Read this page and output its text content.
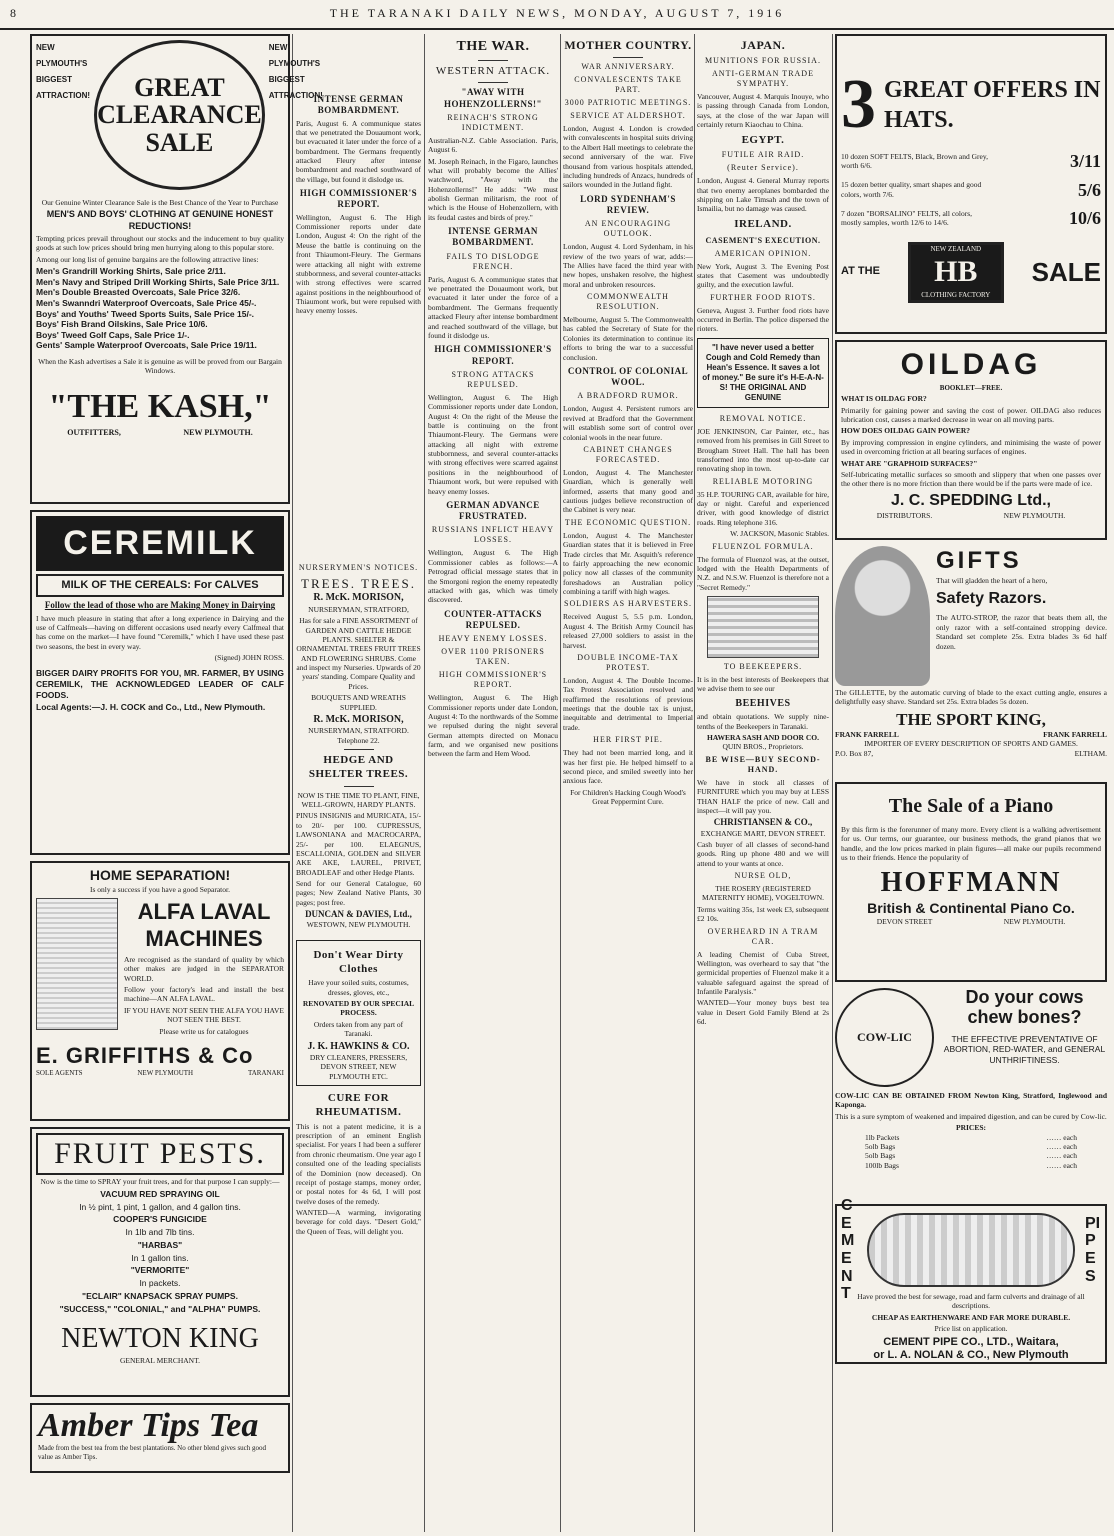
8	THE TARANAKI DAILY NEWS, MONDAY, AUGUST 7, 1916
NEW
PLYMOUTH'S
BIGGEST
ATTRACTION!	GREAT CLEARANCE SALE
NEW
PLYMOUTH'S
BIGGEST
ATTRACTION!

Our Genuine Winter Clearance Sale is the Best Chance of the Year to Purchase

MEN'S AND BOYS' CLOTHING AT GENUINE HONEST REDUCTIONS!

Tempting prices prevail throughout our stocks and the inducement to buy quality goods at such low prices should bring men hurrying along to this popular store.

Among our long list of genuine bargains are the following attractive lines:

Men's Grandrill Working Shirts, Sale price 2/11.
Men's Navy and Striped Drill Working Shirts, Sale Price 3/11.
Men's Double Breasted Overcoats, Sale Price 32/6.
Men's Swanndri Waterproof Overcoats, Sale Price 45/-.
Boys' and Youths' Tweed Sports Suits, Sale Price 15/-.
Boys' Fish Brand Oilskins, Sale Price 10/6.
Boys' Tweed Golf Caps, Sale Price 1/-.
Gents' Sample Waterproof Overcoats, Sale Price 19/11.

When the Kash advertises a Sale it is genuine as will be proved from our Bargain Windows.

"THE KASH,"
OUTFITTERS,	NEW PLYMOUTH.
CEREMILK
MILK OF THE CEREALS: For CALVES
Follow the lead of those who are Making Money in Dairying

I have much pleasure in stating that after a long experience in Dairying and the use of Calfmeals—having on different occasions used nearly every Calfmeal that has come on the market—I have found "Ceremilk," which I have used these past two seasons, the best in every way.

(Signed) JOHN ROSS.

BIGGER DAIRY PROFITS FOR YOU, MR. FARMER, BY USING CEREMILK, THE ACKNOWLEDGED LEADER OF CALF FOODS.

Local Agents:—J. H. COCK and Co., Ltd., New Plymouth.

HOME SEPARATION!
Is only a success if you have a good Separator.
ALFA LAVAL
MACHINES

Are recognised as the standard of quality by which other makes are judged in the SEPARATOR WORLD.

Follow your factory's lead and install the best machine—AN ALFA LAVAL.

IF YOU HAVE NOT SEEN THE ALFA YOU HAVE NOT SEEN THE BEST.

Please write us for catalogues

E. GRIFFITHS & Co
SOLE AGENTS	NEW PLYMOUTH	TARANAKI
FRUIT PESTS.

Now is the time to SPRAY your fruit trees, and for that purpose I can supply:—

VACUUM RED SPRAYING OIL
In ½ pint, 1 pint, 1 gallon, and 4 gallon tins.
COOPER'S FUNGICIDE
In 1lb and 7lb tins.
"HARBAS"
In 1 gallon tins.
"VERMORITE"
In packets.
"ECLAIR" KNAPSACK SPRAY PUMPS.
"SUCCESS," "COLONIAL," and "ALPHA" PUMPS.
NEWTON KING
GENERAL MERCHANT.
Amber Tips Tea
Made from the best tea from the best plantations. No other blend gives such good value as Amber Tips.
NURSERYMEN'S NOTICES.
TREES. TREES.
R. McK. MORISON,
NURSERYMAN, STRATFORD,

Has for sale a FINE ASSORTMENT of GARDEN AND CATTLE HEDGE PLANTS. SHELTER & ORNAMENTAL TREES FRUIT TREES AND FLOWERING SHRUBS. Come and inspect my Nurseries. Upwards of 20 years' standing. Compare Quality and Prices.

BOUQUETS AND WREATHS SUPPLIED.

R. McK. MORISON,
NURSERYMAN, STRATFORD.
Telephone 22.
HEDGE AND SHELTER TREES.

NOW IS THE TIME TO PLANT, FINE, WELL-GROWN, HARDY PLANTS.

PINUS INSIGNIS and MURICATA, 15/- to 20/- per 100. CUPRESSUS, LAWSONIANA and MACROCARPA, 25/- per 100. ELAEGNUS, ESCALLONIA, GOLDEN and SILVER AKE AKE, LAUREL, PRIVET, BROADLEAF and other Hedge Plants.

Send for our General Catalogue, 60 pages; New Zealand Native Plants, 30 pages; post free.

DUNCAN & DAVIES, Ltd.,
WESTOWN, NEW PLYMOUTH.
Don't Wear Dirty Clothes

Have your soiled suits, costumes, dresses, gloves, etc.,

RENOVATED BY OUR SPECIAL PROCESS.

Orders taken from any part of Taranaki.

J. K. HAWKINS & CO.
DRY CLEANERS, PRESSERS,
DEVON STREET, NEW PLYMOUTH ETC.
CURE FOR RHEUMATISM.

This is not a patent medicine, it is a prescription of an eminent English specialist. For years I had been a sufferer from chronic rheumatism. One year ago I consulted one of the leading specialists of the Dominion (now deceased). On receipt of postage stamps, money order, or postal notes for 4s 6d, I will post twelve doses of the remedy.

WANTED—A warming, invigorating beverage for cold days. "Desert Gold," the Queen of Teas, will delight you.

THE WAR.
WESTERN ATTACK.
"AWAY WITH HOHENZOLLERNS!"
REINACH'S STRONG INDICTMENT.

Australian-N.Z. Cable Association. Paris, August 6.

M. Joseph Reinach, in the Figaro, launches what will probably become the Allies' watchword, "Away with the Hohenzollerns!" He adds: "We must abolish German militarism, the root of which is the House of Hohenzollern, with its feudal castes and birds of prey."

INTENSE GERMAN BOMBARDMENT.
FAILS TO DISLODGE FRENCH.

Paris, August 6. A communique states that we penetrated the Douaumont work, but evacuated it later under the force of a bombardment. The Germans frequently attacked Fleury after intense bombardment and reached southward of the village, but found it dislodge us.

HIGH COMMISSIONER'S REPORT.
STRONG ATTACKS REPULSED.

Wellington, August 6. The High Commissioner reports under date London, August 4: On the right of the Meuse the battle is continuing on the front Thiaumont-Fleury. The Germans were attacking all night with extreme stubbornness, and several counter-attacks with strong effectives were scarred against positions in the neighbourhood of Thiaumont work, but were repulsed with heavy enemy losses.

GERMAN ADVANCE FRUSTRATED.
RUSSIANS INFLICT HEAVY LOSSES.

Wellington, August 6. The High Commissioner cables as follows:—A Petrograd official message states that in the Smorgoni region the enemy repeatedly attacked with gas, which was timely discovered.

COUNTER-ATTACKS REPULSED.
HEAVY ENEMY LOSSES.
OVER 1100 PRISONERS TAKEN.
HIGH COMMISSIONER'S REPORT.

Wellington, August 6. The High Commissioner reports under date London, August 4: To the northwards of the Somme we repulsed during the night several German attempts directed on Monacu farm, and we organised new positions between the farm and Hem Wood.

INTENSE GERMAN BOMBARDMENT.

Paris, August 6. A communique states that we penetrated the Douaumont work, but evacuated it later under the force of a bombardment. The Germans frequently attacked Fleury after intense bombardment and reached southward of the village, but found it dislodge us.

HIGH COMMISSIONER'S REPORT.

Wellington, August 6. The High Commissioner reports under date London, August 4: On the right of the Meuse the battle is continuing on the front Thiaumont-Fleury. The Germans were attacking all night with extreme stubbornness, and several counter-attacks with strong effectives were scarred against positions in the neighbourhood of Thiaumont work, but were repulsed with heavy enemy losses.

MOTHER COUNTRY.
WAR ANNIVERSARY.
CONVALESCENTS TAKE PART.
3000 PATRIOTIC MEETINGS.
SERVICE AT ALDERSHOT.

London, August 4. London is crowded with convalescents in hospital suits driving to the Albert Hall meetings to celebrate the second anniversary of the war. Five thousand from various hospitals attended, including hundreds of Anzacs, hundreds of sailors wounded in the Jutland fight.

LORD SYDENHAM'S REVIEW.
AN ENCOURAGING OUTLOOK.

London, August 4. Lord Sydenham, in his review of the two years of war, adds:—The Allies have faced the third year with new hopes, unshaken resolve, the highest moral and unbroken resources.

COMMONWEALTH RESOLUTION.

Melbourne, August 5. The Commonwealth has cabled the Secretary of State for the Colonies its determination to continue its efforts to bring the war to a successful conclusion.

CONTROL OF COLONIAL WOOL.
A BRADFORD RUMOR.

London, August 4. Persistent rumors are revived at Bradford that the Government will establish some sort of control over colonial wools in the near future.

CABINET CHANGES FORECASTED.

London, August 4. The Manchester Guardian, which is generally well informed, asserts that many good and cautious judges believe reconstruction of the Cabinet is very near.

THE ECONOMIC QUESTION.

London, August 4. The Manchester Guardian states that it is believed in Free Trade circles that Mr. Asquith's reference to fairly approaching the new economic policy now all classes of the community foreshadows an Australian policy combining a tariff with high wages.

SOLDIERS AS HARVESTERS.

Received August 5, 5.5 p.m. London, August 4. The British Army Council has released 27,000 soldiers to assist in the harvest.

DOUBLE INCOME-TAX PROTEST.

London, August 4. The Double Income-Tax Protest Association resolved and reaffirmed the resolutions of previous meetings that the double tax is unjust, inequitable and detrimental to Imperial trade.

HER FIRST PIE.

They had not been married long, and it was her first pie. He helped himself to a second piece, and smiled sweetly into her anxious face.

For Children's Hacking Cough Wood's Great Peppermint Cure.

JAPAN.
MUNITIONS FOR RUSSIA.
ANTI-GERMAN TRADE SYMPATHY.

Vancouver, August 4. Marquis Inouye, who is passing through Canada from London, says, at the close of the war Japan will certainly return Kiaochau to China.

EGYPT.
FUTILE AIR RAID.
(Reuter Service).

London, August 4. General Murray reports that two enemy aeroplanes bombarded the shipping on Lake Timsah and the town of Ismailia, but no damage was caused.

IRELAND.
CASEMENT'S EXECUTION.
AMERICAN OPINION.

New York, August 3. The Evening Post states that Casement was undoubtedly guilty, and the execution lawful.

FURTHER FOOD RIOTS.

Geneva, August 3. Further food riots have occurred in Berlin. The police dispersed the rioters.

"I have never used a better Cough and Cold Remedy than Hean's Essence. It saves a lot of money." Be sure it's H-E-A-N-S! THE ORIGINAL AND GENUINE
REMOVAL NOTICE.

JOE JENKINSON, Car Painter, etc., has removed from his premises in Gill Street to Brougham Street Hall. The hall has been transformed into the most up-to-date car renovating shop in town.

RELIABLE MOTORING

35 H.P. TOURING CAR, available for hire, day or night. Careful and experienced driver, with good knowledge of district roads. Ring telephone 316.

W. JACKSON, Masonic Stables.

FLUENZOL FORMULA.

The formula of Fluenzol was, at the outset, lodged with the Health Departments of N.Z. and N.S.W. Fluenzol is therefore not a "Secret Remedy."

TO BEEKEEPERS.

It is in the best interests of Beekeepers that we advise them to see our

BEEHIVES

and obtain quotations. We supply nine-tenths of the Beekeepers in Taranaki.

HAWERA SASH AND DOOR CO.
QUIN BROS., Proprietors.
BE WISE—BUY SECOND-HAND.

We have in stock all classes of FURNITURE which you may buy at LESS THAN HALF the price of new. Call and inspect—it will pay you.

CHRISTIANSEN & CO.,
EXCHANGE MART, DEVON STREET.

Cash buyer of all classes of second-hand goods. Ring up phone 480 and we will attend to your wants at once.

NURSE OLD,

THE ROSERY (REGISTERED MATERNITY HOME), VOGELTOWN.

Terms waiting 35s, 1st week £3, subsequent £2 10s.

OVERHEARD IN A TRAM CAR.

A leading Chemist of Cuba Street, Wellington, was overheard to say that "the germicidal properties of Fluenzol make it a valuable safeguard against the spread of Infantile Paralysis."

WANTED—Your money buys best tea value in Desert Gold Family Blend at 2s 6d.

3 GREAT OFFERS IN HATS.
10 dozen SOFT FELTS, Black, Brown and Grey, worth 6/6.	3/11
15 dozen better quality, smart shapes and good colors, worth 7/6.	5/6
7 dozen "BORSALINO" FELTS, all colors, mostly samples, worth 12/6 to 14/6.	10/6
AT THE
NEW ZEALAND
HB
CLOTHING FACTORY
SALE
OILDAG
BOOKLET—FREE.

WHAT IS OILDAG FOR?

Primarily for gaining power and saving the cost of power. OILDAG also reduces lubrication cost, causes a marked decrease in wear on all moving parts.

HOW DOES OILDAG GAIN POWER?

By improving compression in engine cylinders, and minimising the waste of power used in overcoming friction at all bearing surfaces of engines.

WHAT ARE "GRAPHOID SURFACES?"

Self-lubricating metallic surfaces so smooth and slippery that when one passes over the other there is no more friction than there would be if the parts were made of ice.

J. C. SPEDDING Ltd.,
DISTRIBUTORS.	NEW PLYMOUTH.
GIFTS
That will gladden the heart of a hero,
Safety Razors.

The AUTO-STROP, the razor that beats them all, the only razor with a self-contained stropping device. Standard set complete 25s. Extra blades 3s 6d half dozen.

The GILLETTE, by the automatic curving of blade to the exact cutting angle, ensures a delightfully easy shave. Standard set 25s. Extra blades 5s dozen.

THE SPORT KING,
FRANK FARRELL	FRANK FARRELL
IMPORTER OF EVERY DESCRIPTION OF SPORTS AND GAMES.
P.O. Box 87,	ELTHAM.
The Sale of a Piano

By this firm is the forerunner of many more. Every client is a walking advertisement for us. Our terms, our guarantee, our business methods, the grand pianos that we handle, and the low prices marked in plain figures—all make our pupils recommend us to their friends. Hence the popularity of

HOFFMANN
British & Continental Piano Co.
DEVON STREET	NEW PLYMOUTH.
COW-LIC
Do your cows chew bones?
THE EFFECTIVE PREVENTATIVE OF ABORTION, RED-WATER, and GENERAL UNTHRIFTINESS.

COW-LIC CAN BE OBTAINED FROM Newton King, Stratford, Inglewood and Kaponga.

This is a sure symptom of weakened and impaired digestion, and can be cured by Cow-lic.

PRICES:
1lb Packets	…… each
5olb Bags	…… each
5olb Bags	…… each
100lb Bags	…… each
CEMENT
PIPES

Have proved the best for sewage, road and farm culverts and drainage of all descriptions.

CHEAP AS EARTHENWARE AND FAR MORE DURABLE.

Price list on application.

CEMENT PIPE CO., LTD., Waitara,
or L. A. NOLAN & CO., New Plymouth
